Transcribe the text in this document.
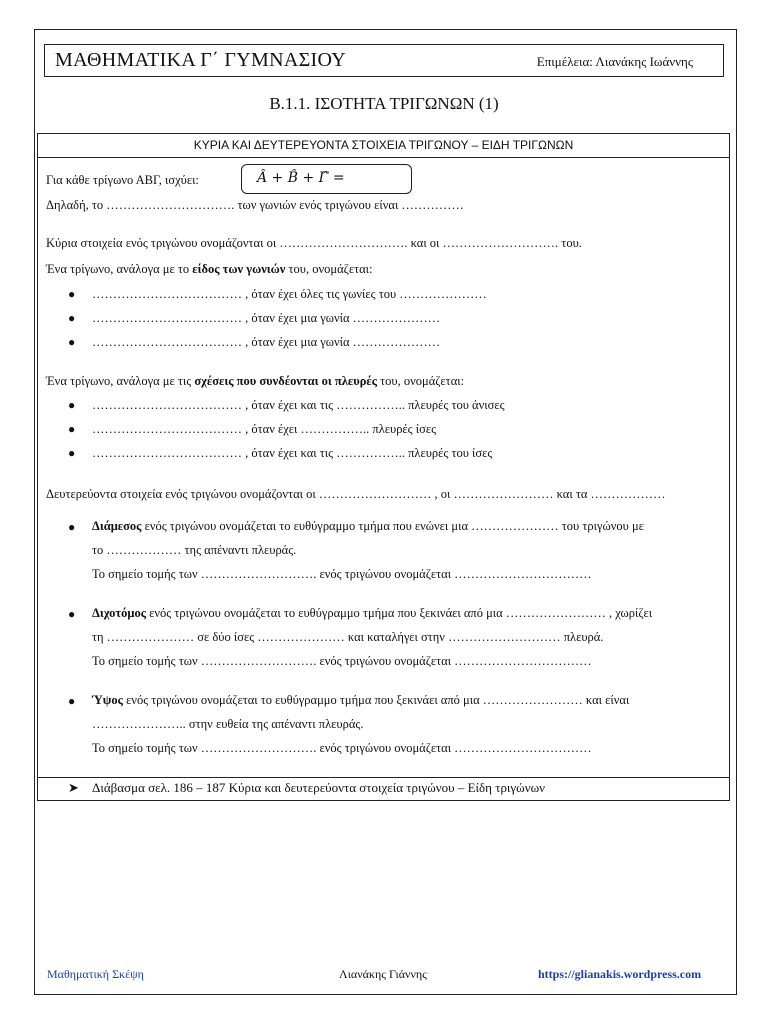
ΜΑΘΗΜΑΤΙΚΑ Γ΄ ΓΥΜΝΑΣΙΟΥ	Επιμέλεια: Λιανάκης Ιωάννης
Β.1.1. ΙΣΟΤΗΤΑ ΤΡΙΓΩΝΩΝ (1)
ΚΥΡΙΑ ΚΑΙ ΔΕΥΤΕΡΕΥΟΝΤΑ ΣΤΟΙΧΕΙΑ ΤΡΙΓΩΝΟΥ – ΕΙΔΗ ΤΡΙΓΩΝΩΝ
Για κάθε τρίγωνο ΑΒΓ, ισχύει:	Â + B̂ + Γ̂ =
Δηλαδή, το …………………………. των γωνιών ενός τριγώνου είναι ……………
Κύρια στοιχεία ενός τριγώνου ονομάζονται οι …………………………. και οι ………………………. του.
Ένα τρίγωνο, ανάλογα με το είδος των γωνιών του, ονομάζεται:
● ……………………………… , όταν έχει όλες τις γωνίες του …………………
● ……………………………… , όταν έχει μια γωνία …………………
● ……………………………… , όταν έχει μια γωνία …………………
Ένα τρίγωνο, ανάλογα με τις σχέσεις που συνδέονται οι πλευρές του, ονομάζεται:
● ……………………………… , όταν έχει και τις …………….. πλευρές του άνισες
● ……………………………… , όταν έχει …………….. πλευρές ίσες
● ……………………………… , όταν έχει και τις …………….. πλευρές του ίσες
Δευτερεύοντα στοιχεία ενός τριγώνου ονομάζονται οι ……………………… , οι …………………… και τα ………………
● Διάμεσος ενός τριγώνου ονομάζεται το ευθύγραμμο τμήμα που ενώνει μια ………………… του τριγώνου με
το ……………… της απέναντι πλευράς.
Το σημείο τομής των ………………………. ενός τριγώνου ονομάζεται ……………………………
● Διχοτόμος ενός τριγώνου ονομάζεται το ευθύγραμμο τμήμα που ξεκινάει από μια …………………… , χωρίζει
τη ………………… σε δύο ίσες ………………… και καταλήγει στην ……………………… πλευρά.
Το σημείο τομής των ………………………. ενός τριγώνου ονομάζεται ……………………………
● Ύψος ενός τριγώνου ονομάζεται το ευθύγραμμο τμήμα που ξεκινάει από μια …………………… και είναι
………………….. στην ευθεία της απέναντι πλευράς.
Το σημείο τομής των ………………………. ενός τριγώνου ονομάζεται ……………………………
➤ Διάβασμα σελ. 186 – 187 Κύρια και δευτερεύοντα στοιχεία τριγώνου – Είδη τριγώνων
Μαθηματική Σκέψη	Λιανάκης Γιάννης	https://glianakis.wordpress.com
